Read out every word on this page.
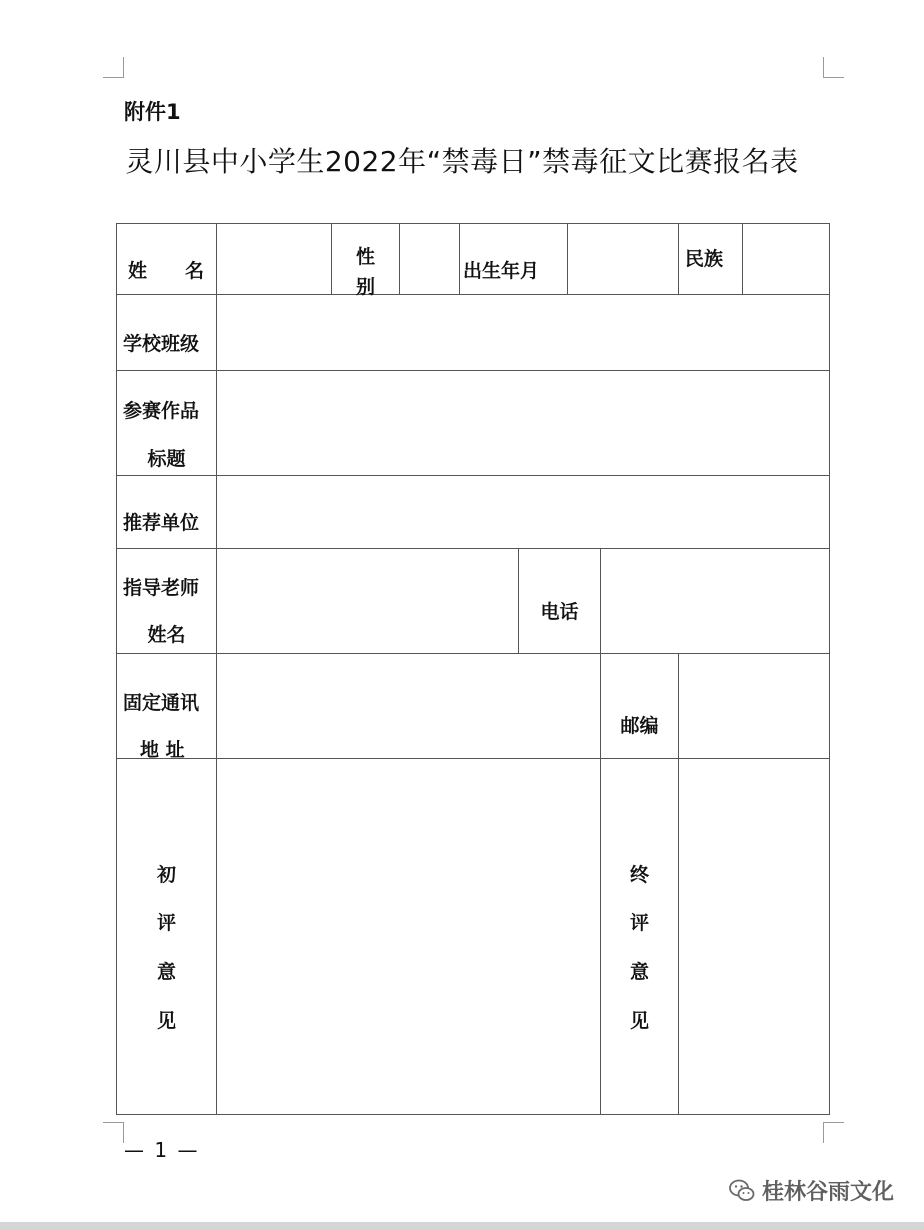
附件1
灵川县中小学生2022年“禁毒日”禁毒征文比赛报名表
姓　　名
性
别
出生年月
民族
学校班级
参赛作品
标题
推荐单位
指导老师
姓名
电话
固定通讯
地 址
邮编
初
评
意
见
终
评
意
见
— 1 —
桂林谷雨文化
